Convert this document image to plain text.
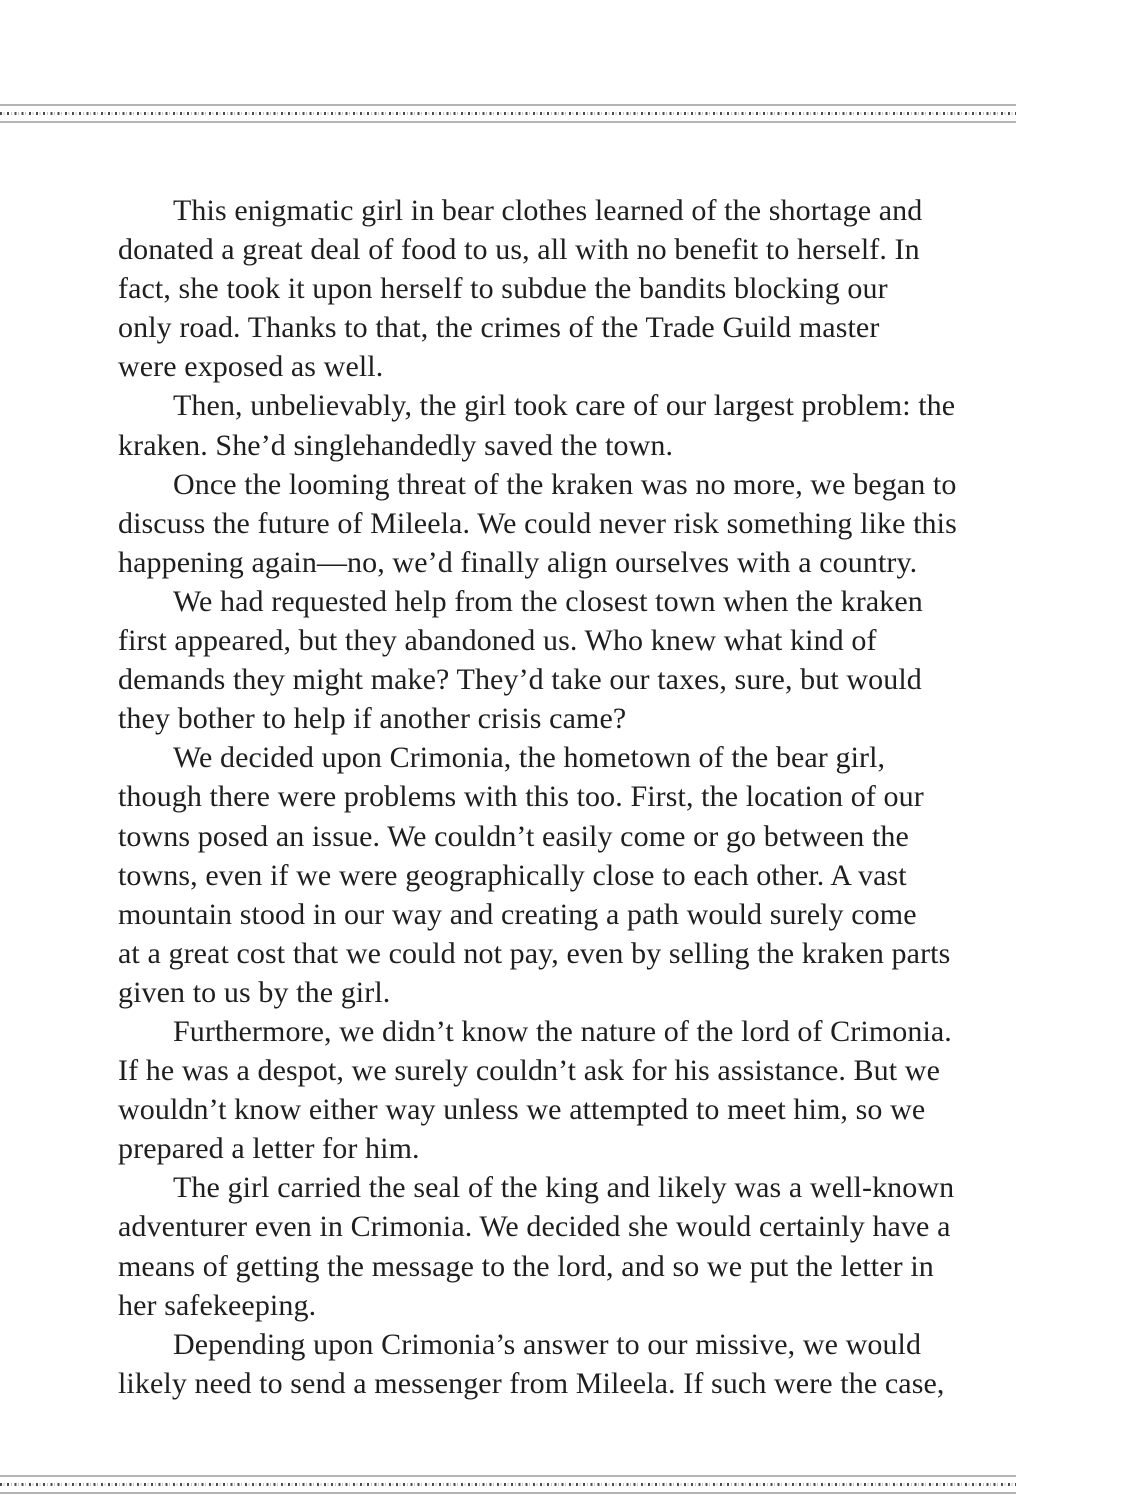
This enigmatic girl in bear clothes learned of the shortage and
donated a great deal of food to us, all with no benefit to herself. In
fact, she took it upon herself to subdue the bandits blocking our
only road. Thanks to that, the crimes of the Trade Guild master
were exposed as well.

Then, unbelievably, the girl took care of our largest problem: the
kraken. She’d singlehandedly saved the town.

Once the looming threat of the kraken was no more, we began to
discuss the future of Mileela. We could never risk something like this
happening again—no, we’d finally align ourselves with a country.

We had requested help from the closest town when the kraken
first appeared, but they abandoned us. Who knew what kind of
demands they might make? They’d take our taxes, sure, but would
they bother to help if another crisis came?

We decided upon Crimonia, the hometown of the bear girl,
though there were problems with this too. First, the location of our
towns posed an issue. We couldn’t easily come or go between the
towns, even if we were geographically close to each other. A vast
mountain stood in our way and creating a path would surely come
at a great cost that we could not pay, even by selling the kraken parts
given to us by the girl.

Furthermore, we didn’t know the nature of the lord of Crimonia.
If he was a despot, we surely couldn’t ask for his assistance. But we
wouldn’t know either way unless we attempted to meet him, so we
prepared a letter for him.

The girl carried the seal of the king and likely was a well-known
adventurer even in Crimonia. We decided she would certainly have a
means of getting the message to the lord, and so we put the letter in
her safekeeping.

Depending upon Crimonia’s answer to our missive, we would
likely need to send a messenger from Mileela. If such were the case,
